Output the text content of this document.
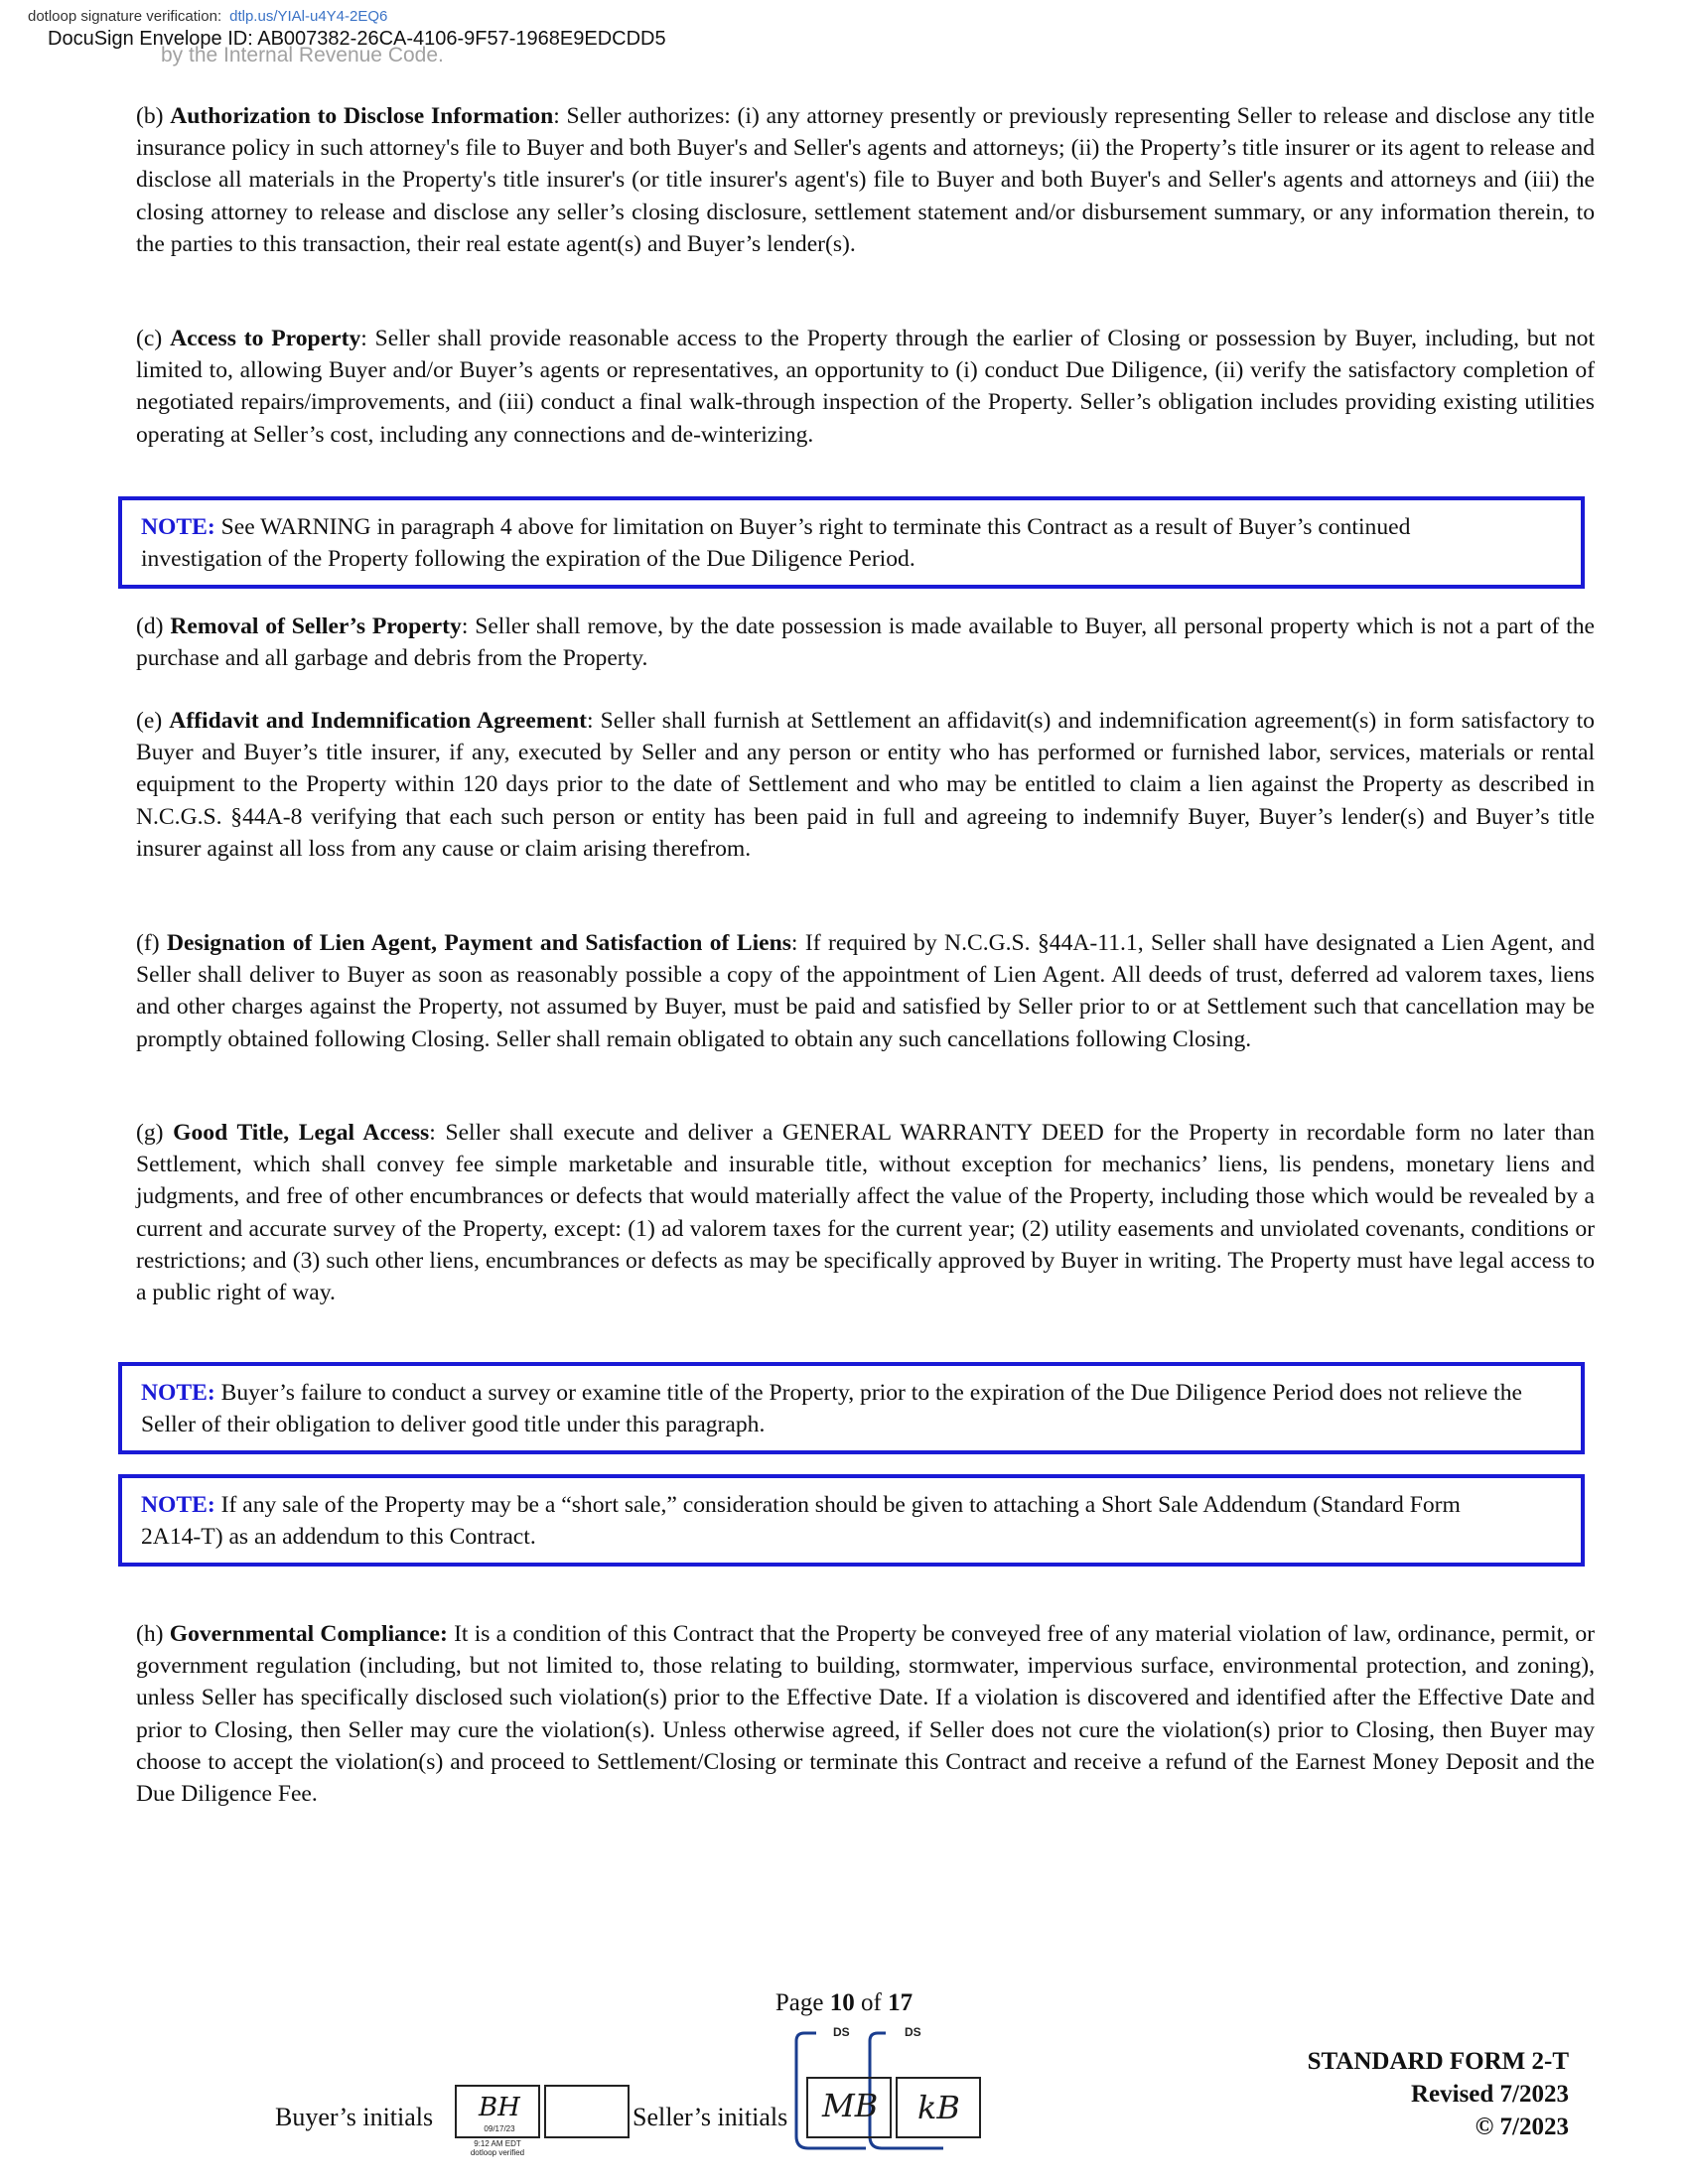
dotloop signature verification: dtlp.us/YIAl-u4Y4-2EQ6
DocuSign Envelope ID: AB007382-26CA-4106-9F57-1968E9EDCDD5
by the Internal Revenue Code.

(b) Authorization to Disclose Information: Seller authorizes: (i) any attorney presently or previously representing Seller to release and disclose any title insurance policy in such attorney's file to Buyer and both Buyer's and Seller's agents and attorneys; (ii) the Property’s title insurer or its agent to release and disclose all materials in the Property's title insurer's (or title insurer's agent's) file to Buyer and both Buyer's and Seller's agents and attorneys and (iii) the closing attorney to release and disclose any seller’s closing disclosure, settlement statement and/or disbursement summary, or any information therein, to the parties to this transaction, their real estate agent(s) and Buyer’s lender(s).

(c) Access to Property: Seller shall provide reasonable access to the Property through the earlier of Closing or possession by Buyer, including, but not limited to, allowing Buyer and/or Buyer’s agents or representatives, an opportunity to (i) conduct Due Diligence, (ii) verify the satisfactory completion of negotiated repairs/improvements, and (iii) conduct a final walk-through inspection of the Property. Seller’s obligation includes providing existing utilities operating at Seller’s cost, including any connections and de-winterizing.

NOTE: See WARNING in paragraph 4 above for limitation on Buyer’s right to terminate this Contract as a result of Buyer’s continued investigation of the Property following the expiration of the Due Diligence Period.

(d) Removal of Seller’s Property: Seller shall remove, by the date possession is made available to Buyer, all personal property which is not a part of the purchase and all garbage and debris from the Property.

(e) Affidavit and Indemnification Agreement: Seller shall furnish at Settlement an affidavit(s) and indemnification agreement(s) in form satisfactory to Buyer and Buyer’s title insurer, if any, executed by Seller and any person or entity who has performed or furnished labor, services, materials or rental equipment to the Property within 120 days prior to the date of Settlement and who may be entitled to claim a lien against the Property as described in N.C.G.S. §44A-8 verifying that each such person or entity has been paid in full and agreeing to indemnify Buyer, Buyer’s lender(s) and Buyer’s title insurer against all loss from any cause or claim arising therefrom.

(f) Designation of Lien Agent, Payment and Satisfaction of Liens: If required by N.C.G.S. §44A-11.1, Seller shall have designated a Lien Agent, and Seller shall deliver to Buyer as soon as reasonably possible a copy of the appointment of Lien Agent. All deeds of trust, deferred ad valorem taxes, liens and other charges against the Property, not assumed by Buyer, must be paid and satisfied by Seller prior to or at Settlement such that cancellation may be promptly obtained following Closing. Seller shall remain obligated to obtain any such cancellations following Closing.

(g) Good Title, Legal Access: Seller shall execute and deliver a GENERAL WARRANTY DEED for the Property in recordable form no later than Settlement, which shall convey fee simple marketable and insurable title, without exception for mechanics’ liens, lis pendens, monetary liens and judgments, and free of other encumbrances or defects that would materially affect the value of the Property, including those which would be revealed by a current and accurate survey of the Property, except: (1) ad valorem taxes for the current year; (2) utility easements and unviolated covenants, conditions or restrictions; and (3) such other liens, encumbrances or defects as may be specifically approved by Buyer in writing. The Property must have legal access to a public right of way.

NOTE: Buyer’s failure to conduct a survey or examine title of the Property, prior to the expiration of the Due Diligence Period does not relieve the Seller of their obligation to deliver good title under this paragraph.
NOTE: If any sale of the Property may be a “short sale,” consideration should be given to attaching a Short Sale Addendum (Standard Form 2A14-T) as an addendum to this Contract.

(h) Governmental Compliance: It is a condition of this Contract that the Property be conveyed free of any material violation of law, ordinance, permit, or government regulation (including, but not limited to, those relating to building, stormwater, impervious surface, environmental protection, and zoning), unless Seller has specifically disclosed such violation(s) prior to the Effective Date. If a violation is discovered and identified after the Effective Date and prior to Closing, then Seller may cure the violation(s). Unless otherwise agreed, if Seller does not cure the violation(s) prior to Closing, then Buyer may choose to accept the violation(s) and proceed to Settlement/Closing or terminate this Contract and receive a refund of the Earnest Money Deposit and the Due Diligence Fee.

Page 10 of 17
STANDARD FORM 2-T
Revised 7/2023
© 7/2023
Buyer’s initials BH
09/17/23
9:12 AM EDT
dotloop verified
Seller’s initials
DS	DS
MB kB
